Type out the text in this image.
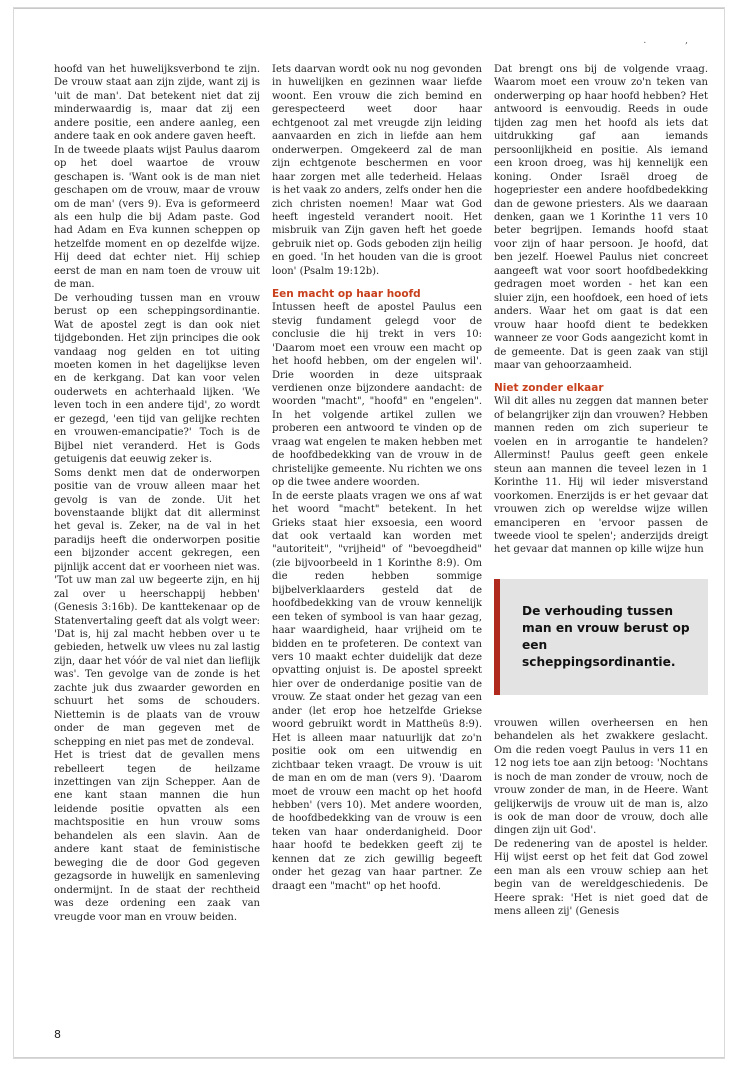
. ,

hoofd van het huwelijksverbond te zijn. De vrouw staat aan zijn zijde, want zij is 'uit de man'. Dat betekent niet dat zij minderwaardig is, maar dat zij een andere positie, een andere aanleg, een andere taak en ook andere gaven heeft.

In de tweede plaats wijst Paulus daarom op het doel waartoe de vrouw geschapen is. 'Want ook is de man niet geschapen om de vrouw, maar de vrouw om de man' (vers 9). Eva is geformeerd als een hulp die bij Adam paste. God had Adam en Eva kunnen scheppen op hetzelfde moment en op dezelfde wijze. Hij deed dat echter niet. Hij schiep eerst de man en nam toen de vrouw uit de man.

De verhouding tussen man en vrouw berust op een scheppingsordinantie. Wat de apostel zegt is dan ook niet tijdgebonden. Het zijn principes die ook vandaag nog gelden en tot uiting moeten komen in het dagelijkse leven en de kerkgang. Dat kan voor velen ouderwets en achterhaald lijken. 'We leven toch in een andere tijd', zo wordt er gezegd, 'een tijd van gelijke rechten en vrouwen-emancipatie?' Toch is de Bijbel niet veranderd. Het is Gods getuigenis dat eeuwig zeker is.

Soms denkt men dat de onderworpen positie van de vrouw alleen maar het gevolg is van de zonde. Uit het bovenstaande blijkt dat dit allerminst het geval is. Zeker, na de val in het paradijs heeft die onderworpen positie een bijzonder accent gekregen, een pijnlijk accent dat er voorheen niet was. 'Tot uw man zal uw begeerte zijn, en hij zal over u heerschappij hebben' (Genesis 3:16b). De kanttekenaar op de Statenvertaling geeft dat als volgt weer: 'Dat is, hij zal macht hebben over u te gebieden, hetwelk uw vlees nu zal lastig zijn, daar het vóór de val niet dan lieflijk was'. Ten gevolge van de zonde is het zachte juk dus zwaarder geworden en schuurt het soms de schouders. Niettemin is de plaats van de vrouw onder de man gegeven met de schepping en niet pas met de zondeval.

Het is triest dat de gevallen mens rebelleert tegen de heilzame inzettingen van zijn Schepper. Aan de ene kant staan mannen die hun leidende positie opvatten als een machtspositie en hun vrouw soms behandelen als een slavin. Aan de andere kant staat de feministische beweging die de door God gegeven gezagsorde in huwelijk en samenleving ondermijnt. In de staat der rechtheid was deze ordening een zaak van vreugde voor man en vrouw beiden.

Iets daarvan wordt ook nu nog gevonden in huwelijken en gezinnen waar liefde woont. Een vrouw die zich bemind en gerespecteerd weet door haar echtgenoot zal met vreugde zijn leiding aanvaarden en zich in liefde aan hem onderwerpen. Omgekeerd zal de man zijn echtgenote beschermen en voor haar zorgen met alle tederheid. Helaas is het vaak zo anders, zelfs onder hen die zich christen noemen! Maar wat God heeft ingesteld verandert nooit. Het misbruik van Zijn gaven heft het goede gebruik niet op. Gods geboden zijn heilig en goed. 'In het houden van die is groot loon' (Psalm 19:12b).

Een macht op haar hoofd

Intussen heeft de apostel Paulus een stevig fundament gelegd voor de conclusie die hij trekt in vers 10: 'Daarom moet een vrouw een macht op het hoofd hebben, om der engelen wil'. Drie woorden in deze uitspraak verdienen onze bijzondere aandacht: de woorden "macht", "hoofd" en "engelen". In het volgende artikel zullen we proberen een antwoord te vinden op de vraag wat engelen te maken hebben met de hoofdbedekking van de vrouw in de christelijke gemeente. Nu richten we ons op die twee andere woorden.

In de eerste plaats vragen we ons af wat het woord "macht" betekent. In het Grieks staat hier exsoesia, een woord dat ook vertaald kan worden met "autoriteit", "vrijheid" of "bevoegdheid" (zie bijvoorbeeld in 1 Korinthe 8:9). Om die reden hebben sommige bijbelverklaarders gesteld dat de hoofdbedekking van de vrouw kennelijk een teken of symbool is van haar gezag, haar waardigheid, haar vrijheid om te bidden en te profeteren. De context van vers 10 maakt echter duidelijk dat deze opvatting onjuist is. De apostel spreekt hier over de onderdanige positie van de vrouw. Ze staat onder het gezag van een ander (let erop hoe hetzelfde Griekse woord gebruikt wordt in Mattheüs 8:9). Het is alleen maar natuurlijk dat zo'n positie ook om een uitwendig en zichtbaar teken vraagt. De vrouw is uit de man en om de man (vers 9). 'Daarom moet de vrouw een macht op het hoofd hebben' (vers 10). Met andere woorden, de hoofdbedekking van de vrouw is een teken van haar onderdanigheid. Door haar hoofd te bedekken geeft zij te kennen dat ze zich gewillig begeeft onder het gezag van haar partner. Ze draagt een "macht" op het hoofd.

Dat brengt ons bij de volgende vraag. Waarom moet een vrouw zo'n teken van onderwerping op haar hoofd hebben? Het antwoord is eenvoudig. Reeds in oude tijden zag men het hoofd als iets dat uitdrukking gaf aan iemands persoonlijkheid en positie. Als iemand een kroon droeg, was hij kennelijk een koning. Onder Israël droeg de hogepriester een andere hoofdbedekking dan de gewone priesters. Als we daaraan denken, gaan we 1 Korinthe 11 vers 10 beter begrijpen. Iemands hoofd staat voor zijn of haar persoon. Je hoofd, dat ben jezelf. Hoewel Paulus niet concreet aangeeft wat voor soort hoofdbedekking gedragen moet worden - het kan een sluier zijn, een hoofdoek, een hoed of iets anders. Waar het om gaat is dat een vrouw haar hoofd dient te bedekken wanneer ze voor Gods aangezicht komt in de gemeente. Dat is geen zaak van stijl maar van gehoorzaamheid.

Niet zonder elkaar

Wil dit alles nu zeggen dat mannen beter of belangrijker zijn dan vrouwen? Hebben mannen reden om zich superieur te voelen en in arrogantie te handelen? Allerminst! Paulus geeft geen enkele steun aan mannen die teveel lezen in 1 Korinthe 11. Hij wil ieder misverstand voorkomen. Enerzijds is er het gevaar dat vrouwen zich op wereldse wijze willen emanciperen en 'ervoor passen de tweede viool te spelen'; anderzijds dreigt het gevaar dat mannen op kille wijze hun

De verhouding tussen man en vrouw berust op een scheppingsordinantie.

vrouwen willen overheersen en hen behandelen als het zwakkere geslacht. Om die reden voegt Paulus in vers 11 en 12 nog iets toe aan zijn betoog: 'Nochtans is noch de man zonder de vrouw, noch de vrouw zonder de man, in de Heere. Want gelijkerwijs de vrouw uit de man is, alzo is ook de man door de vrouw, doch alle dingen zijn uit God'.

De redenering van de apostel is helder. Hij wijst eerst op het feit dat God zowel een man als een vrouw schiep aan het begin van de wereldgeschiedenis. De Heere sprak: 'Het is niet goed dat de mens alleen zij' (Genesis

8
